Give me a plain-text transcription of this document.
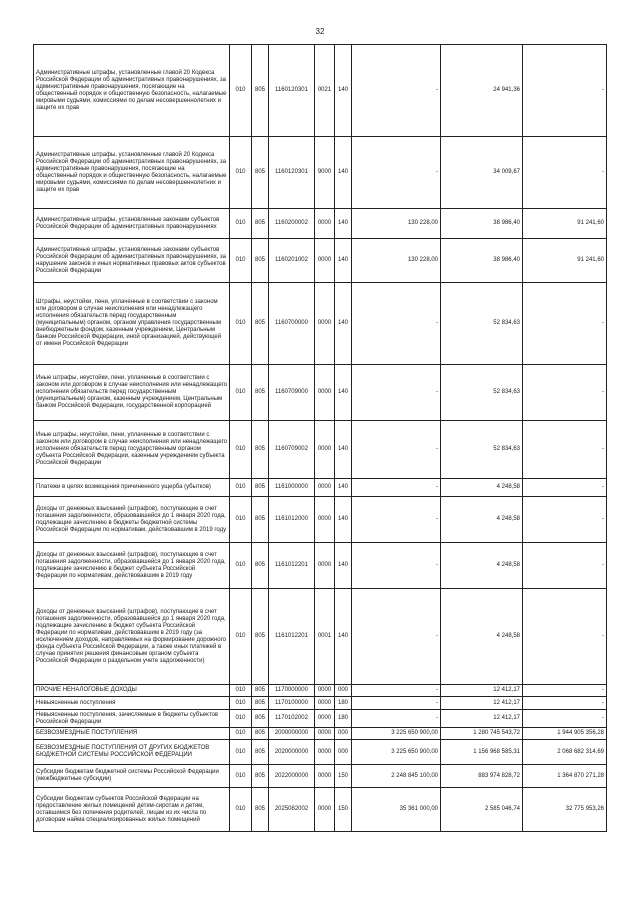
32
Административные штрафы, установленные главой 20 Кодекса Российской Федерации об административных правонарушениях, за административные правонарушения, посягающие на общественный порядок и общественную безопасность, налагаемые мировыми судьями, комиссиями по делам несовершеннолетних и защите их прав	010	805	1160120301	0021	140	-	24 941,36	-
Административные штрафы, установленные главой 20 Кодекса Российской Федерации об административных правонарушениях, за административные правонарушения, посягающие на общественный порядок и общественную безопасность, налагаемые мировыми судьями, комиссиями по делам несовершеннолетних и защите их прав	010	805	1160120301	9000	140	-	34 009,67	-
Административные штрафы, установленные законами субъектов Российской Федерации об административных правонарушениях	010	805	1160200002	0000	140	130 228,00	38 986,40	91 241,60
Административные штрафы, установленные законами субъектов Российской Федерации об административных правонарушениях, за нарушение законов и иных нормативных правовых актов субъектов Российской Федерации	010	805	1160201002	0000	140	130 228,00	38 986,40	91 241,60
Штрафы, неустойки, пени, уплаченные в соответствии с законом или договором в случае неисполнения или ненадлежащего исполнения обязательств перед государственным (муниципальным) органом, органом управления государственным внебюджетным фондом, казенным учреждением, Центральным банком Российской Федерации, иной организацией, действующей от имени Российской Федерации	010	805	1160700000	0000	140	-	52 834,63	-
Иные штрафы, неустойки, пени, уплаченные в соответствии с законом или договором в случае неисполнения или ненадлежащего исполнения обязательств перед государственным (муниципальным) органом, казенным учреждением, Центральным банком Российской Федерации, государственной корпорацией	010	805	1160709000	0000	140	-	52 834,63	-
Иные штрафы, неустойки, пени, уплаченные в соответствии с законом или договором в случае неисполнения или ненадлежащего исполнения обязательств перед государственным органом субъекта Российской Федерации, казенным учреждением субъекта Российской Федерации	010	805	1160709002	0000	140	-	52 834,63	-
Платежи в целях возмещения причиненного ущерба (убытков)	010	805	1161000000	0000	140	-	4 248,58	-
Доходы от денежных взысканий (штрафов), поступающие в счет погашения задолженности, образовавшейся до 1 января 2020 года, подлежащие зачислению в бюджеты бюджетной системы Российской Федерации по нормативам, действовавшим в 2019 году	010	805	1161012000	0000	140	-	4 248,58	-
Доходы от денежных взысканий (штрафов), поступающие в счет погашения задолженности, образовавшейся до 1 января 2020 года, подлежащие зачислению в бюджет субъекта Российской Федерации по нормативам, действовавшим в 2019 году	010	805	1161012201	0000	140	-	4 248,58	-
Доходы от денежных взысканий (штрафов), поступающие в счет погашения задолженности, образовавшейся до 1 января 2020 года, подлежащие зачислению в бюджет субъекта Российской Федерации по нормативам, действовавшим в 2019 году (за исключением доходов, направляемых на формирование дорожного фонда субъекта Российской Федерации, а также иных платежей в случае принятия решения финансовым органом субъекта Российской Федерации о раздельном учете задолженности)	010	805	1161012201	0001	140	-	4 248,58	-
ПРОЧИЕ НЕНАЛОГОВЫЕ ДОХОДЫ	010	805	1170000000	0000	000	-	12 412,17	-
Невыясненные поступления	010	805	1170100000	0000	180	-	12 412,17	-
Невыясненные поступления, зачисляемые в бюджеты субъектов Российской Федерации	010	805	1170102002	0000	180	-	12 412,17	-
БЕЗВОЗМЕЗДНЫЕ ПОСТУПЛЕНИЯ	010	805	2000000000	0000	000	3 225 650 900,00	1 280 745 543,72	1 944 905 356,28
БЕЗВОЗМЕЗДНЫЕ ПОСТУПЛЕНИЯ ОТ ДРУГИХ БЮДЖЕТОВ БЮДЖЕТНОЙ СИСТЕМЫ РОССИЙСКОЙ ФЕДЕРАЦИИ	010	805	2020000000	0000	000	3 225 650 900,00	1 156 968 585,31	2 068 682 314,69
Субсидии бюджетам бюджетной системы Российской Федерации (межбюджетные субсидии)	010	805	2022000000	0000	150	2 248 845 100,00	883 974 828,72	1 364 870 271,28
Субсидии бюджетам субъектов Российской Федерации на предоставление жилых помещений детям-сиротам и детям, оставшимся без попечения родителей, лицам из их числа по договорам найма специализированных жилых помещений	010	805	2025082002	0000	150	35 361 000,00	2 585 046,74	32 775 953,26
